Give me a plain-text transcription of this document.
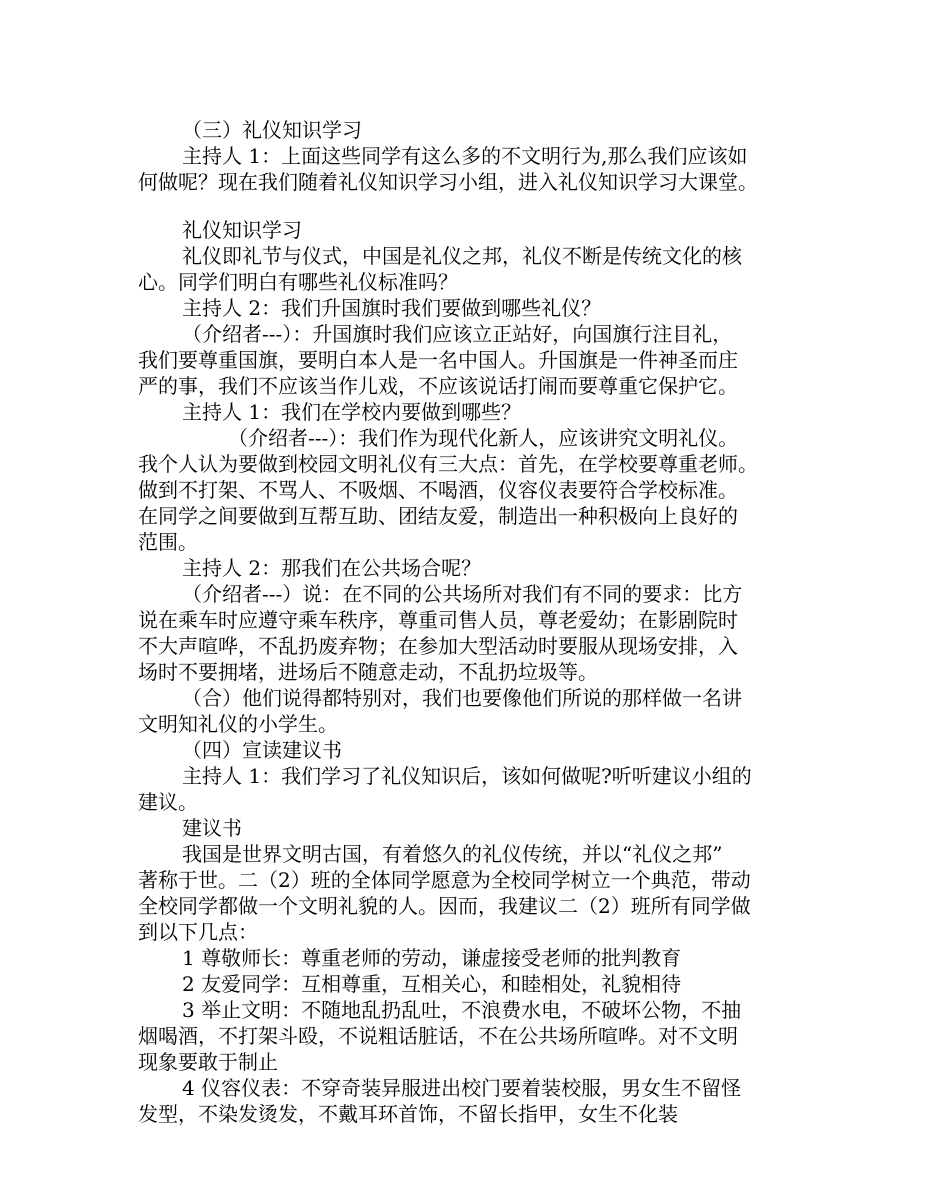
（三）礼仪知识学习

主持人 1：上面这些同学有这么多的不文明行为,那么我们应该如

何做呢？现在我们随着礼仪知识学习小组，进入礼仪知识学习大课堂。

礼仪知识学习

礼仪即礼节与仪式，中国是礼仪之邦，礼仪不断是传统文化的核

心。同学们明白有哪些礼仪标准吗？

主持人 2：我们升国旗时我们要做到哪些礼仪？

（介绍者---）：升国旗时我们应该立正站好，向国旗行注目礼，

我们要尊重国旗，要明白本人是一名中国人。升国旗是一件神圣而庄

严的事，我们不应该当作儿戏，不应该说话打闹而要尊重它保护它。

主持人 1：我们在学校内要做到哪些？

（介绍者---）：我们作为现代化新人，应该讲究文明礼仪。

我个人认为要做到校园文明礼仪有三大点：首先，在学校要尊重老师。

做到不打架、不骂人、不吸烟、不喝酒，仪容仪表要符合学校标准。

在同学之间要做到互帮互助、团结友爱，制造出一种积极向上良好的

范围。

主持人 2：那我们在公共场合呢？

（介绍者---）说：在不同的公共场所对我们有不同的要求：比方

说在乘车时应遵守乘车秩序，尊重司售人员，尊老爱幼；在影剧院时

不大声喧哗，不乱扔废弃物；在参加大型活动时要服从现场安排，入

场时不要拥堵，进场后不随意走动，不乱扔垃圾等。

（合）他们说得都特别对，我们也要像他们所说的那样做一名讲

文明知礼仪的小学生。

（四）宣读建议书

主持人 1：我们学习了礼仪知识后，该如何做呢?听听建议小组的

建议。

建议书

我国是世界文明古国，有着悠久的礼仪传统，并以“礼仪之邦”

著称于世。二（2）班的全体同学愿意为全校同学树立一个典范，带动

全校同学都做一个文明礼貌的人。因而，我建议二（2）班所有同学做

到以下几点：

1 尊敬师长：尊重老师的劳动，谦虚接受老师的批判教育

2 友爱同学：互相尊重，互相关心，和睦相处，礼貌相待

3 举止文明：不随地乱扔乱吐，不浪费水电，不破坏公物，不抽

烟喝酒，不打架斗殴，不说粗话脏话，不在公共场所喧哗。对不文明

现象要敢于制止

4 仪容仪表：不穿奇装异服进出校门要着装校服，男女生不留怪

发型，不染发烫发，不戴耳环首饰，不留长指甲，女生不化装
